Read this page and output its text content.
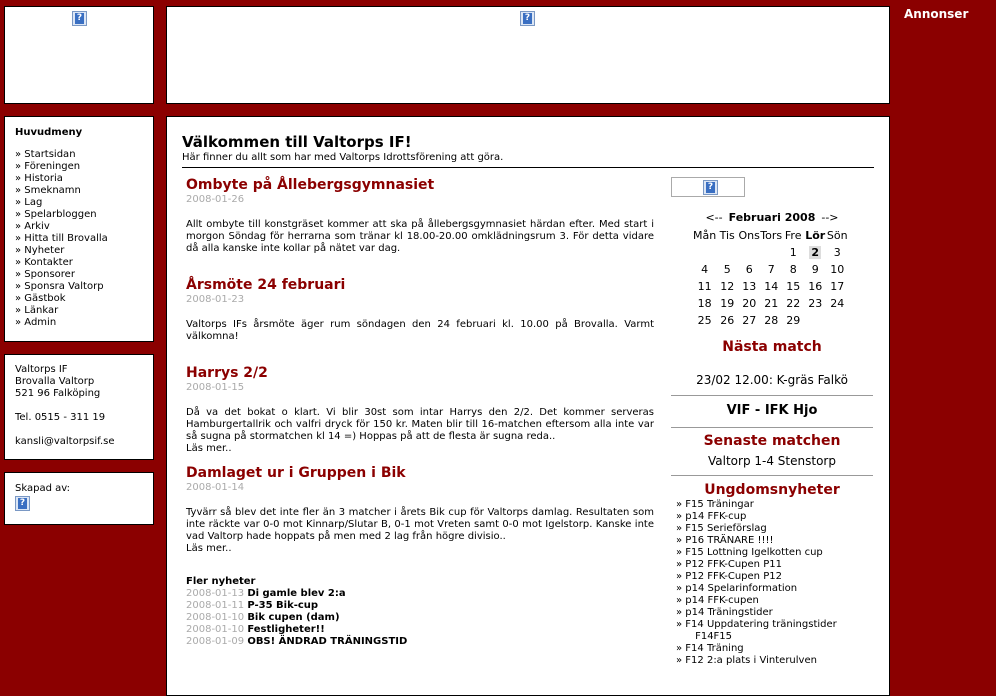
?
?
Annonser
Huvudmeny
» Startsidan
» Föreningen
» Historia
» Smeknamn
» Lag
» Spelarbloggen
» Arkiv
» Hitta till Brovalla
» Nyheter
» Kontakter
» Sponsorer
» Sponsra Valtorp
» Gästbok
» Länkar
» Admin
Valtorps IF
Brovalla Valtorp
521 96 Falköping
Tel. 0515 - 311 19
kansli@valtorpsif.se
Skapad av:
?
Välkommen till Valtorps IF!
Här finner du allt som har med Valtorps Idrottsförening att göra.
Ombyte på Ållebergsgymnasiet
2008-01-26
Allt ombyte till konstgräset kommer att ska på ållebergsgymnasiet härdan efter. Med start i morgon Söndag för herrarna som tränar kl 18.00-20.00 omklädningsrum 3. För detta vidare då alla kanske inte kollar på nätet var dag.
Årsmöte 24 februari
2008-01-23
Valtorps IFs årsmöte äger rum söndagen den 24 februari kl. 10.00 på Brovalla. Varmt välkomna!
Harrys 2/2
2008-01-15
Då va det bokat o klart. Vi blir 30st som intar Harrys den 2/2. Det kommer serveras Hamburgertallrik och valfri dryck för 150 kr. Maten blir till 16-matchen eftersom alla inte var så sugna på stormatchen kl 14 =) Hoppas på att de flesta är sugna reda..
Läs mer..
Damlaget ur i Gruppen i Bik
2008-01-14
Tyvärr så blev det inte fler än 3 matcher i årets Bik cup för Valtorps damlag. Resultaten som inte räckte var 0-0 mot Kinnarp/Slutar B, 0-1 mot Vreten samt 0-0 mot Igelstorp. Kanske inte vad Valtorp hade hoppats på men med 2 lag från högre divisio..
Läs mer..
Fler nyheter
2008-01-13 Di gamle blev 2:a
2008-01-11 P-35 Bik-cup
2008-01-10 Bik cupen (dam)
2008-01-10 Festligheter!!
2008-01-09 OBS! ÄNDRAD TRÄNINGSTID
?
<-- Februari 2008 -->
Mån	Tis	Ons	Tors	Fre	Lör	Sön
				1	2	3
4	5	6	7	8	9	10
11	12	13	14	15	16	17
18	19	20	21	22	23	24
25	26	27	28	29		
Nästa match
23/02 12.00: K-gräs Falkö
VIF - IFK Hjo
Senaste matchen
Valtorp 1-4 Stenstorp
Ungdomsnyheter
» F15 Träningar
» p14 FFK-cup
» F15 Serieförslag
» P16 TRÄNARE !!!!
» F15 Lottning Igelkotten cup
» P12 FFK-Cupen P11
» P12 FFK-Cupen P12
» p14 Spelarinformation
» p14 FFK-cupen
» p14 Träningstider
» F14 Uppdatering träningstider
F14F15
» F14 Träning
» F12 2:a plats i Vinterulven
